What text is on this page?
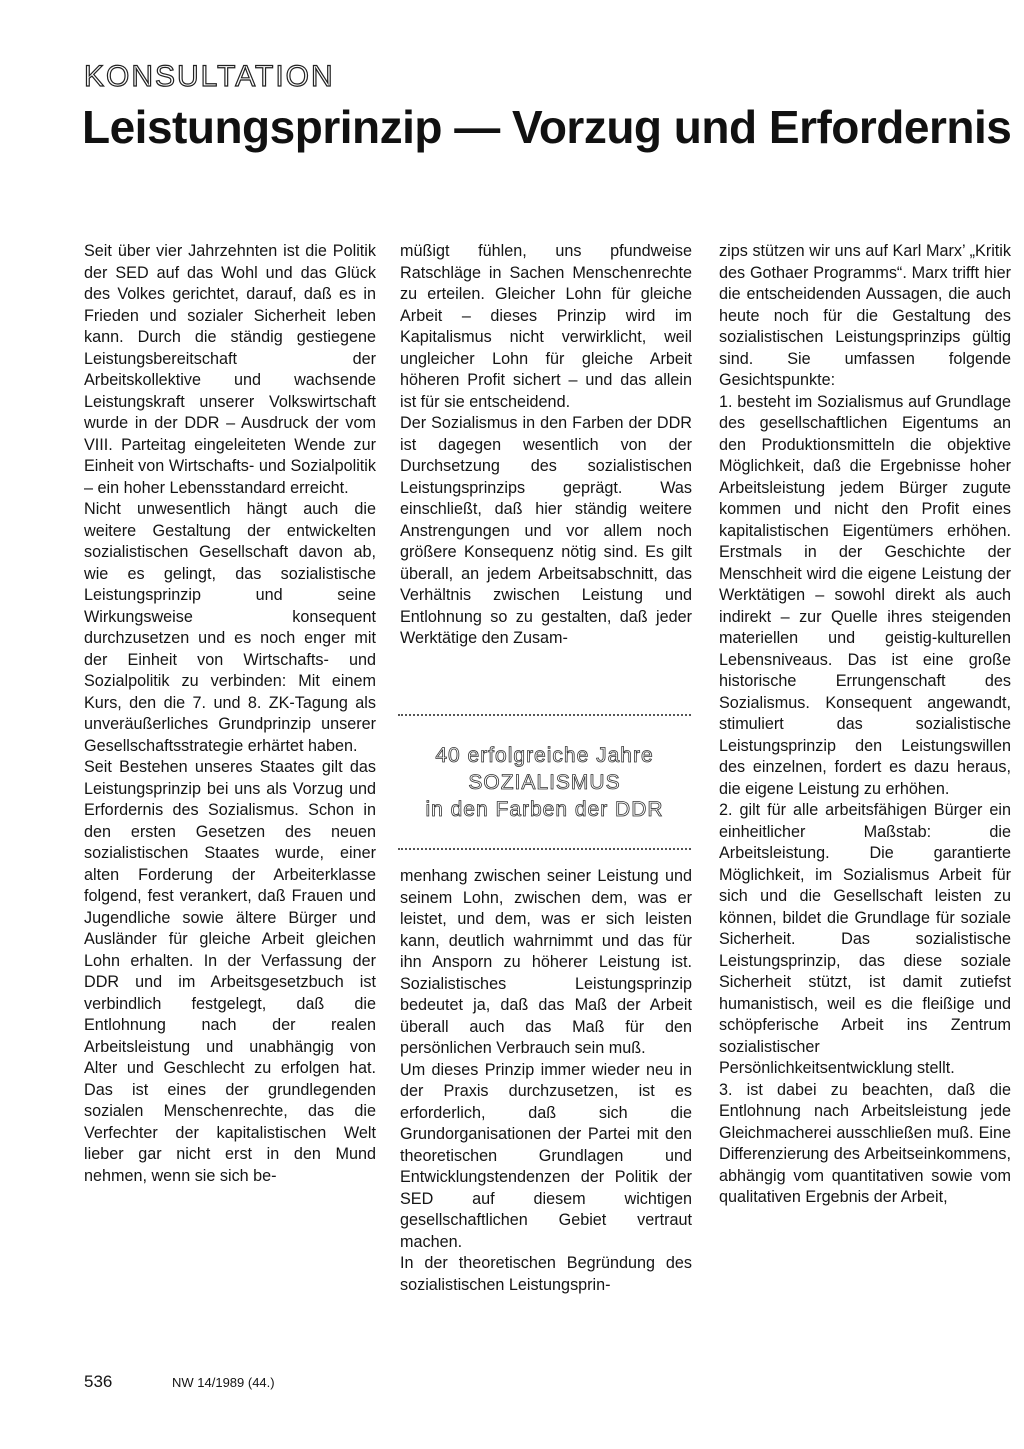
KONSULTATION
Leistungsprinzip — Vorzug und Erfordernis

Seit über vier Jahrzehnten ist die Politik der SED auf das Wohl und das Glück des Volkes gerichtet, darauf, daß es in Frieden und sozialer Sicherheit leben kann. Durch die ständig gestiegene Leistungsbereitschaft der Arbeitskollektive und wachsende Leistungskraft unserer Volkswirtschaft wurde in der DDR – Ausdruck der vom VIII. Parteitag eingeleiteten Wende zur Einheit von Wirtschafts- und Sozialpolitik – ein hoher Lebensstandard erreicht.

Nicht unwesentlich hängt auch die weitere Gestaltung der entwickelten sozialistischen Gesellschaft davon ab, wie es gelingt, das sozialistische Leistungsprinzip und seine Wirkungsweise konsequent durchzusetzen und es noch enger mit der Einheit von Wirtschafts- und Sozialpolitik zu verbinden: Mit einem Kurs, den die 7. und 8. ZK-Tagung als unveräußerliches Grundprinzip unserer Gesellschaftsstrategie erhärtet haben.

Seit Bestehen unseres Staates gilt das Leistungsprinzip bei uns als Vorzug und Erfordernis des Sozialismus. Schon in den ersten Gesetzen des neuen sozialistischen Staates wurde, einer alten Forderung der Arbeiterklasse folgend, fest verankert, daß Frauen und Jugendliche sowie ältere Bürger und Ausländer für gleiche Arbeit gleichen Lohn erhalten. In der Verfassung der DDR und im Arbeitsgesetzbuch ist verbindlich festgelegt, daß die Entlohnung nach der realen Arbeitsleistung und unabhängig von Alter und Geschlecht zu erfolgen hat. Das ist eines der grundlegenden sozialen Menschenrechte, das die Verfechter der kapitalistischen Welt lieber gar nicht erst in den Mund nehmen, wenn sie sich be-

müßigt fühlen, uns pfundweise Ratschläge in Sachen Menschenrechte zu erteilen. Gleicher Lohn für gleiche Arbeit – dieses Prinzip wird im Kapitalismus nicht verwirklicht, weil ungleicher Lohn für gleiche Arbeit höheren Profit sichert – und das allein ist für sie entscheidend.

Der Sozialismus in den Farben der DDR ist dagegen wesentlich von der Durchsetzung des sozialistischen Leistungsprinzips geprägt. Was einschließt, daß hier ständig weitere Anstrengungen und vor allem noch größere Konsequenz nötig sind. Es gilt überall, an jedem Arbeitsabschnitt, das Verhältnis zwischen Leistung und Entlohnung so zu gestalten, daß jeder Werktätige den Zusam-

40 erfolgreiche Jahre
SOZIALISMUS
in den Farben der DDR

menhang zwischen seiner Leistung und seinem Lohn, zwischen dem, was er leistet, und dem, was er sich leisten kann, deutlich wahrnimmt und das für ihn Ansporn zu höherer Leistung ist. Sozialistisches Leistungsprinzip bedeutet ja, daß das Maß der Arbeit überall auch das Maß für den persönlichen Verbrauch sein muß.

Um dieses Prinzip immer wieder neu in der Praxis durchzusetzen, ist es erforderlich, daß sich die Grundorganisationen der Partei mit den theoretischen Grundlagen und Entwicklungstendenzen der Politik der SED auf diesem wichtigen gesellschaftlichen Gebiet vertraut machen.

In der theoretischen Begründung des sozialistischen Leistungsprin-

zips stützen wir uns auf Karl Marx’ „Kritik des Gothaer Programms“. Marx trifft hier die entscheidenden Aussagen, die auch heute noch für die Gestaltung des sozialistischen Leistungsprinzips gültig sind. Sie umfassen folgende Gesichtspunkte:

1. besteht im Sozialismus auf Grundlage des gesellschaftlichen Eigentums an den Produktionsmitteln die objektive Möglichkeit, daß die Ergebnisse hoher Arbeitsleistung jedem Bürger zugute kommen und nicht den Profit eines kapitalistischen Eigentümers erhöhen. Erstmals in der Geschichte der Menschheit wird die eigene Leistung der Werktätigen – sowohl direkt als auch indirekt – zur Quelle ihres steigenden materiellen und geistig-kulturellen Lebensniveaus. Das ist eine große historische Errungenschaft des Sozialismus. Konsequent angewandt, stimuliert das sozialistische Leistungsprinzip den Leistungswillen des einzelnen, fordert es dazu heraus, die eigene Leistung zu erhöhen.

2. gilt für alle arbeitsfähigen Bürger ein einheitlicher Maßstab: die Arbeitsleistung. Die garantierte Möglichkeit, im Sozialismus Arbeit für sich und die Gesellschaft leisten zu können, bildet die Grundlage für soziale Sicherheit. Das sozialistische Leistungsprinzip, das diese soziale Sicherheit stützt, ist damit zutiefst humanistisch, weil es die fleißige und schöpferische Arbeit ins Zentrum sozialistischer Persönlichkeitsentwicklung stellt.

3. ist dabei zu beachten, daß die Entlohnung nach Arbeitsleistung jede Gleichmacherei ausschließen muß. Eine Differenzierung des Arbeitseinkommens, abhängig vom quantitativen sowie vom qualitativen Ergebnis der Arbeit,

536	NW 14/1989 (44.)
